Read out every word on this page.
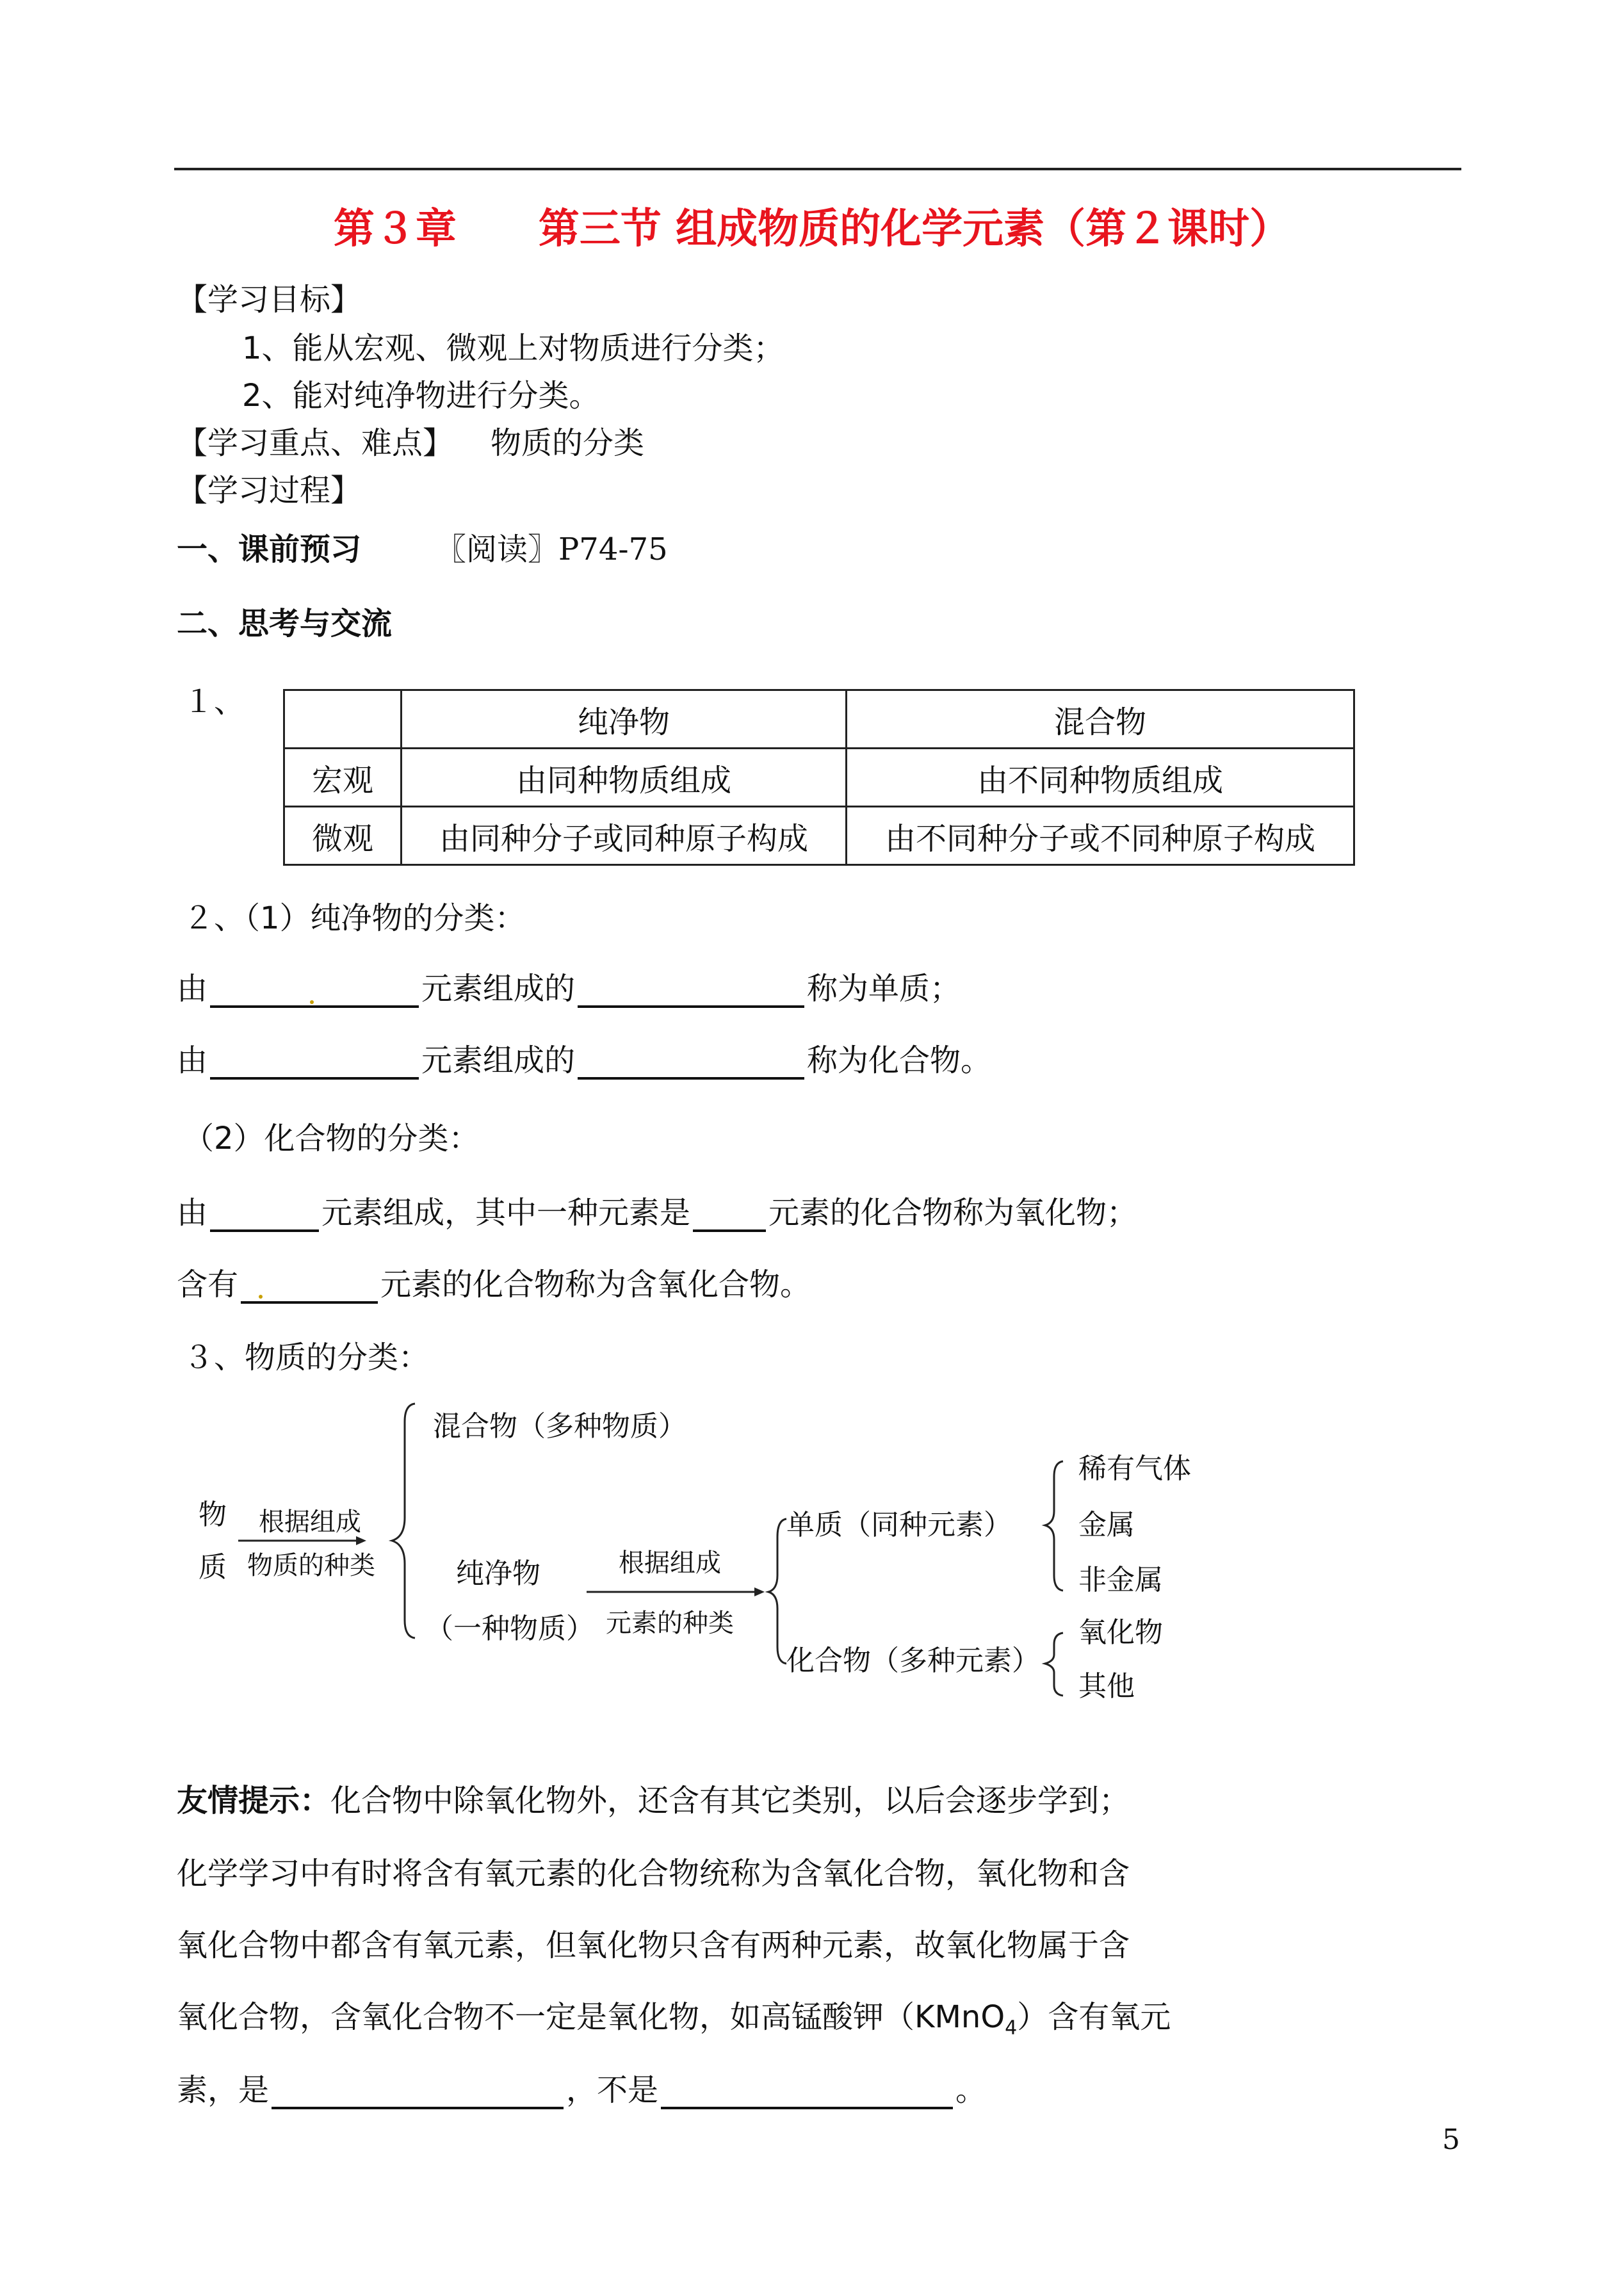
第３章　　第三节 组成物质的化学元素（第２课时）
【学习目标】
1、能从宏观、微观上对物质进行分类；
2、能对纯净物进行分类。
【学习重点、难点】 物质的分类
【学习过程】
一、课前预习 〖阅读〗P74-75
二、思考与交流
１、
	纯净物	混合物
宏观	由同种物质组成	由不同种物质组成
微观	由同种分子或同种原子构成	由不同种分子或不同种原子构成
２、（1）纯净物的分类：
由	元素组成的	称为单质；
由	元素组成的	称为化合物。
（2）化合物的分类：
由	元素组成，其中一种元素是	元素的化合物称为氧化物；
含有	元素的化合物称为含氧化合物。
３、物质的分类：
物
质
根据组成
物质的种类
混合物（多种物质）
纯净物
（一种物质）
根据组成
元素的种类
单质（同种元素）
化合物（多种元素）
稀有气体
金属
非金属
氧化物
其他
友情提示：化合物中除氧化物外，还含有其它类别，以后会逐步学到；
化学学习中有时将含有氧元素的化合物统称为含氧化合物，氧化物和含
氧化合物中都含有氧元素，但氧化物只含有两种元素，故氧化物属于含
氧化合物，含氧化合物不一定是氧化物，如高锰酸钾（KMnO$_4$）含有氧元
素，是	，不是	。
5
